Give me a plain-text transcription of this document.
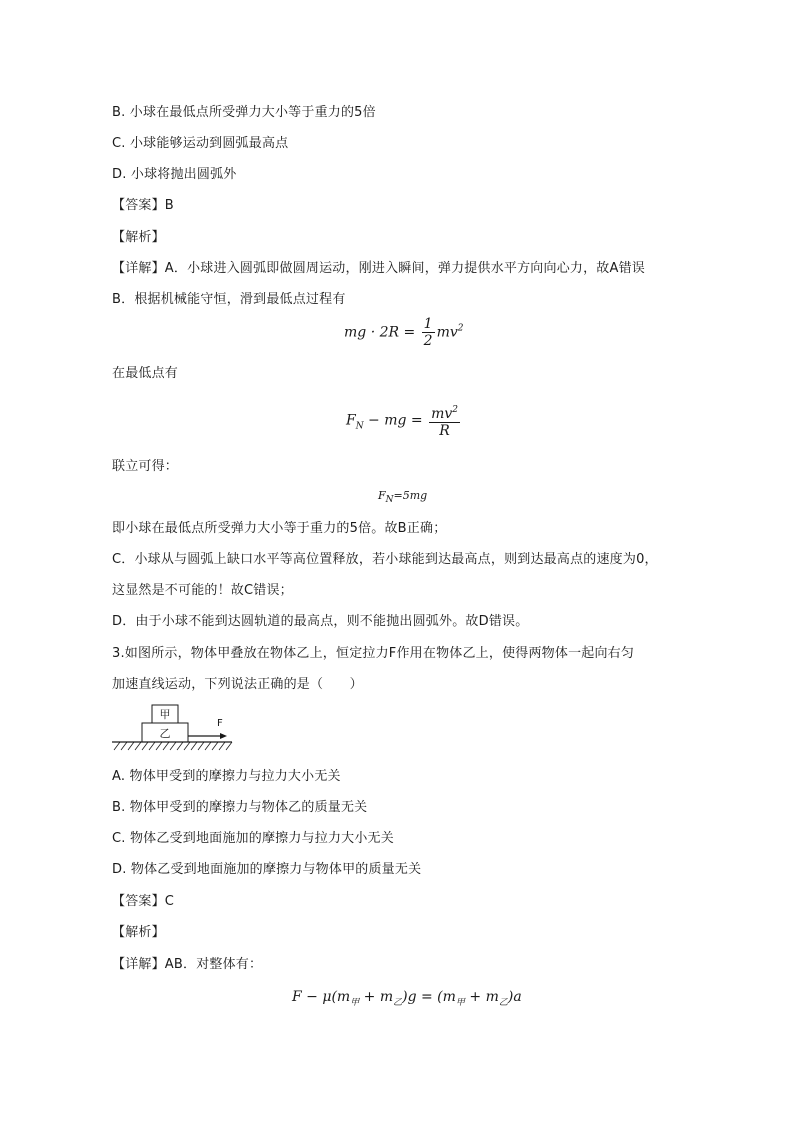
B. 小球在最低点所受弹力大小等于重力的5倍
C. 小球能够运动到圆弧最高点
D. 小球将抛出圆弧外
【答案】B
【解析】
【详解】A．小球进入圆弧即做圆周运动，刚进入瞬间，弹力提供水平方向向心力，故A错误
B．根据机械能守恒，滑到最低点过程有
mg · $2R = \frac{1}{2} mv^2$
在最低点有
$F_N$ − mg = $\frac{mv^2}{R}$
联立可得：
$F_N=5mg$
即小球在最低点所受弹力大小等于重力的5倍。故B正确；
C．小球从与圆弧上缺口水平等高位置释放，若小球能到达最高点，则到达最高点的速度为0，
这显然是不可能的！故C错误；
D．由于小球不能到达圆轨道的最高点，则不能抛出圆弧外。故D错误。
3.如图所示，物体甲叠放在物体乙上，恒定拉力F作用在物体乙上，使得两物体一起向右匀
加速直线运动，下列说法正确的是（　　）
甲
乙
F
A. 物体甲受到的摩擦力与拉力大小无关
B. 物体甲受到的摩擦力与物体乙的质量无关
C. 物体乙受到地面施加的摩擦力与拉力大小无关
D. 物体乙受到地面施加的摩擦力与物体甲的质量无关
【答案】C
【解析】
【详解】AB．对整体有：
$F - \mu(m_甲 + m_乙)g = (m_甲 + m_乙)a$
